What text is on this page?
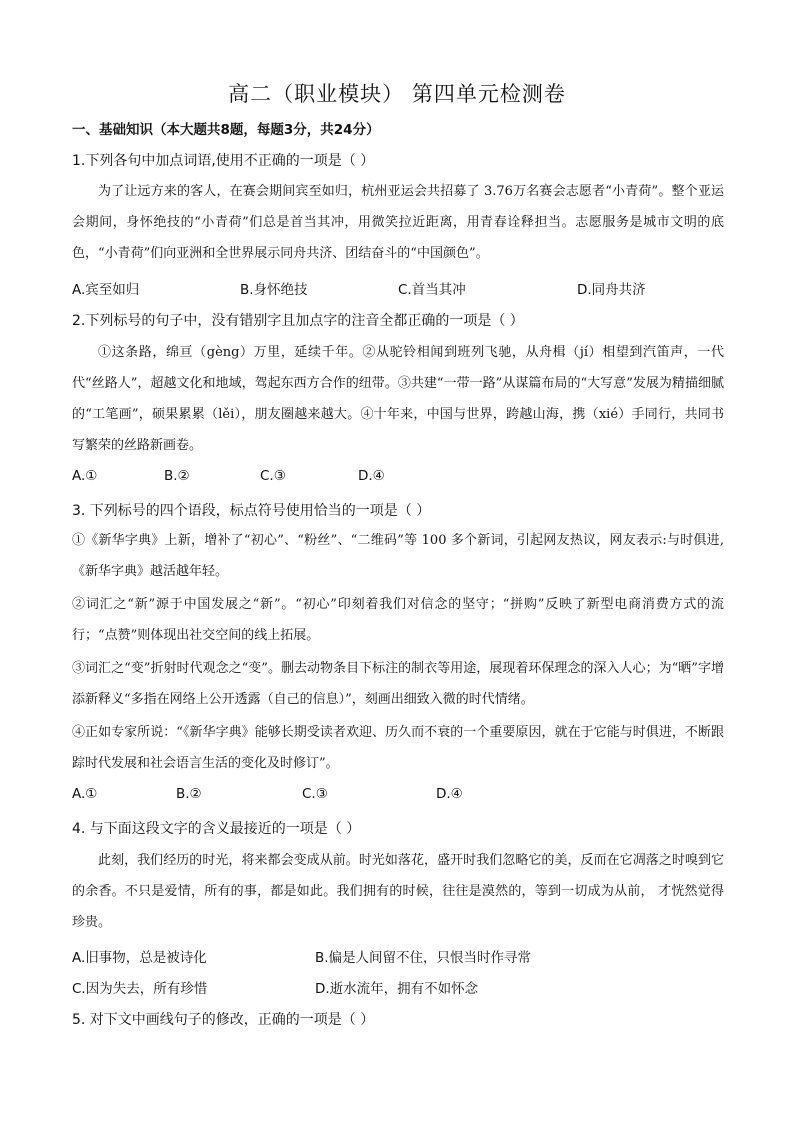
高二（职业模块） 第四单元检测卷
一、基础知识（本大题共8题，每题3分，共24分）
1.下列各句中加点词语,使用不正确的一项是（ ）
为了让远方来的客人，在赛会期间宾至如归，杭州亚运会共招募了 3.76万名赛会志愿者“小青荷”。整个亚运会期间，身怀绝技的“小青荷”们总是首当其冲，用微笑拉近距离，用青春诠释担当。志愿服务是城市文明的底色，“小青荷”们向亚洲和全世界展示同舟共济、团结奋斗的“中国颜色”。
A.宾至如归	B.身怀绝技	C.首当其冲	D.同舟共济
2.下列标号的句子中，没有错别字且加点字的注音全都正确的一项是（ ）
①这条路，绵亘（gèng）万里，延续千年。②从驼铃相闻到班列飞驰，从舟楫（jí）相望到汽笛声，一代代“丝路人”，超越文化和地域，驾起东西方合作的纽带。③共建“一带一路”从谋篇布局的“大写意”发展为精描细腻的“工笔画”，硕果累累（lěi），朋友圈越来越大。④十年来，中国与世界，跨越山海，携（xié）手同行，共同书写繁荣的丝路新画卷。
A.①	B.②	C.③	D.④
3. 下列标号的四个语段，标点符号使用恰当的一项是（ ）
①《新华字典》上新，增补了“初心”、“粉丝”、“二维码”等 100 多个新词，引起网友热议，网友表示:与时俱进,《新华字典》越活越年轻。
②词汇之“新”源于中国发展之“新”。“初心”印刻着我们对信念的坚守；“拼购”反映了新型电商消费方式的流行；“点赞”则体现出社交空间的线上拓展。
③词汇之“变”折射时代观念之“变”。删去动物条目下标注的制衣等用途，展现着环保理念的深入人心；为“晒”字增添新释义“多指在网络上公开透露（自己的信息）”，刻画出细致入微的时代情绪。
④正如专家所说：“《新华字典》能够长期受读者欢迎、历久而不衰的一个重要原因，就在于它能与时俱进，不断跟踪时代发展和社会语言生活的变化及时修订”。
A.①	B.②	C.③	D.④
4. 与下面这段文字的含义最接近的一项是（ ）
此刻，我们经历的时光，将来都会变成从前。时光如落花，盛开时我们忽略它的美，反而在它凋落之时嗅到它的余香。不只是爱情，所有的事，都是如此。我们拥有的时候，往往是漠然的，等到一切成为从前， 才恍然觉得珍贵。
A.旧事物，总是被诗化	B.偏是人间留不住，只恨当时作寻常
C.因为失去，所有珍惜	D.逝水流年，拥有不如怀念
5. 对下文中画线句子的修改，正确的一项是（ ）
